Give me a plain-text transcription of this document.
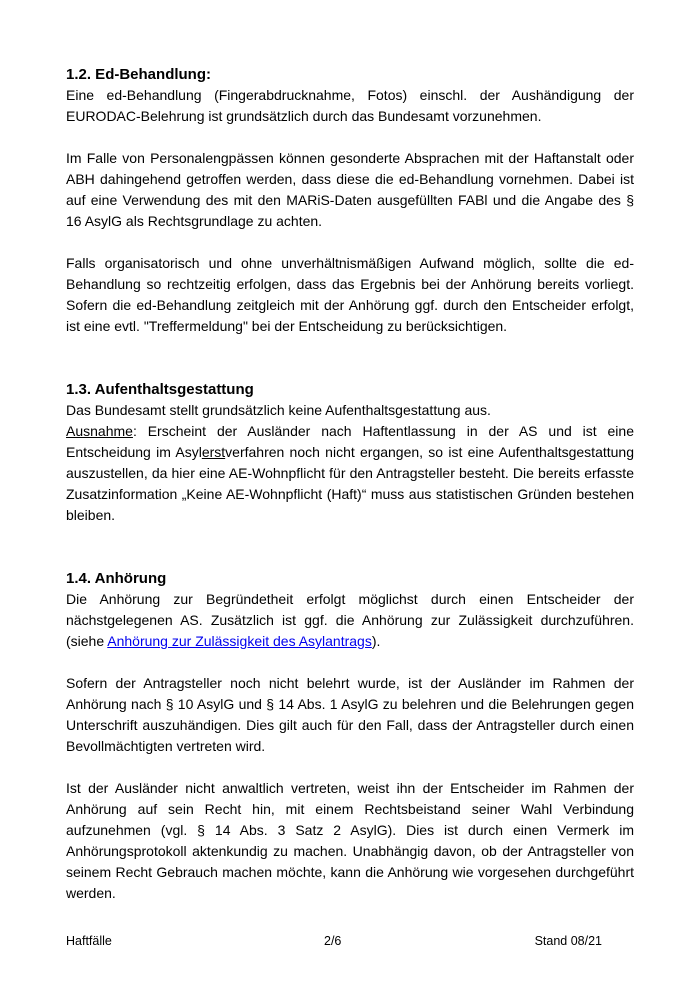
1.2. Ed-Behandlung:

Eine ed-Behandlung (Fingerabdrucknahme, Fotos) einschl. der Aushändigung der EURODAC-Belehrung ist grundsätzlich durch das Bundesamt vorzunehmen.

Im Falle von Personalengpässen können gesonderte Absprachen mit der Haftanstalt oder ABH dahingehend getroffen werden, dass diese die ed-Behandlung vornehmen. Dabei ist auf eine Verwendung des mit den MARiS-Daten ausgefüllten FABl und die Angabe des § 16 AsylG als Rechtsgrundlage zu achten.

Falls organisatorisch und ohne unverhältnismäßigen Aufwand möglich, sollte die ed-Behandlung so rechtzeitig erfolgen, dass das Ergebnis bei der Anhörung bereits vorliegt. Sofern die ed-Behandlung zeitgleich mit der Anhörung ggf. durch den Entscheider erfolgt, ist eine evtl. "Treffermeldung" bei der Entscheidung zu berücksichtigen.

1.3. Aufenthaltsgestattung

Das Bundesamt stellt grundsätzlich keine Aufenthaltsgestattung aus.

Ausnahme: Erscheint der Ausländer nach Haftentlassung in der AS und ist eine Entscheidung im Asylerstverfahren noch nicht ergangen, so ist eine Aufenthaltsgestattung auszustellen, da hier eine AE-Wohnpflicht für den Antragsteller besteht. Die bereits erfasste Zusatzinformation „Keine AE-Wohnpflicht (Haft)“ muss aus statistischen Gründen bestehen bleiben.

1.4. Anhörung

Die Anhörung zur Begründetheit erfolgt möglichst durch einen Entscheider der nächstgelegenen AS. Zusätzlich ist ggf. die Anhörung zur Zulässigkeit durchzuführen. (siehe Anhörung zur Zulässigkeit des Asylantrags).

Sofern der Antragsteller noch nicht belehrt wurde, ist der Ausländer im Rahmen der Anhörung nach § 10 AsylG und § 14 Abs. 1 AsylG zu belehren und die Belehrungen gegen Unterschrift auszuhändigen. Dies gilt auch für den Fall, dass der Antragsteller durch einen Bevollmächtigten vertreten wird.

Ist der Ausländer nicht anwaltlich vertreten, weist ihn der Entscheider im Rahmen der Anhörung auf sein Recht hin, mit einem Rechtsbeistand seiner Wahl Verbindung aufzunehmen (vgl. § 14 Abs. 3 Satz 2 AsylG). Dies ist durch einen Vermerk im Anhörungsprotokoll aktenkundig zu machen. Unabhängig davon, ob der Antragsteller von seinem Recht Gebrauch machen möchte, kann die Anhörung wie vorgesehen durchgeführt werden.

Haftfälle	2/6	Stand 08/21
